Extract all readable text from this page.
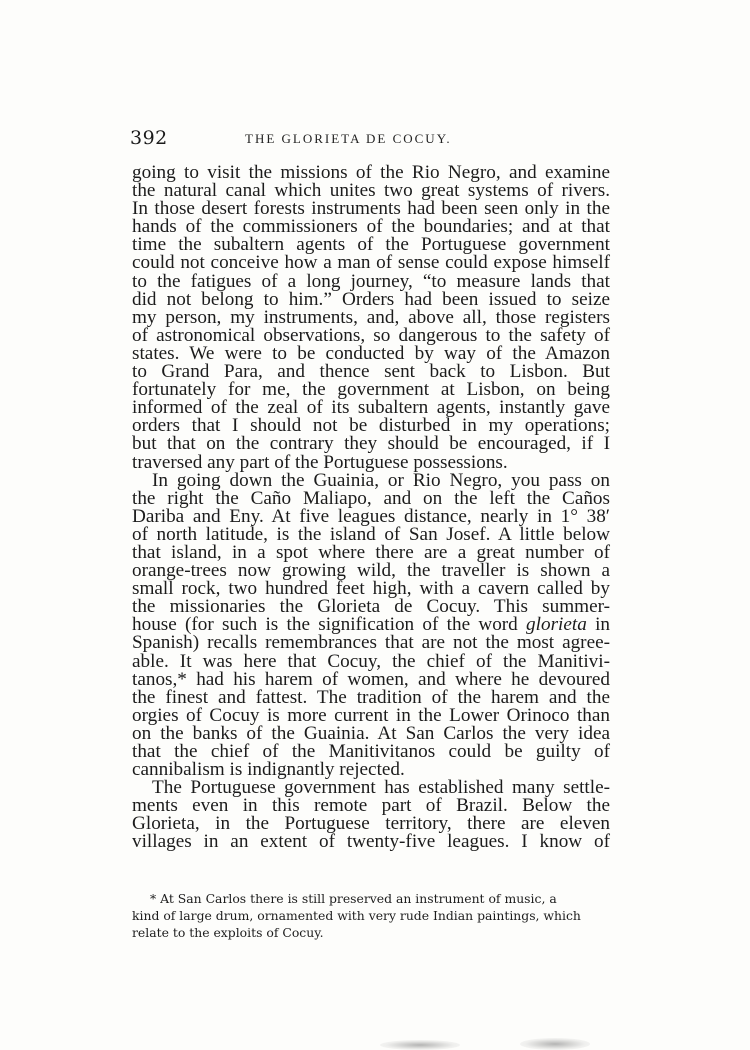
392	THE GLORIETA DE COCUY.

going to visit the missions of the Rio Negro, and examine

the natural canal which unites two great systems of rivers.

In those desert forests instruments had been seen only in the

hands of the commissioners of the boundaries; and at that

time the subaltern agents of the Portuguese government

could not conceive how a man of sense could expose himself

to the fatigues of a long journey, “to measure lands that

did not belong to him.” Orders had been issued to seize

my person, my instruments, and, above all, those registers

of astronomical observations, so dangerous to the safety of

states. We were to be conducted by way of the Amazon

to Grand Para, and thence sent back to Lisbon. But

fortunately for me, the government at Lisbon, on being

informed of the zeal of its subaltern agents, instantly gave

orders that I should not be disturbed in my operations;

but that on the contrary they should be encouraged, if I

traversed any part of the Portuguese possessions.

In going down the Guainia, or Rio Negro, you pass on

the right the Caño Maliapo, and on the left the Caños

Dariba and Eny. At five leagues distance, nearly in 1° 38′

of north latitude, is the island of San Josef. A little below

that island, in a spot where there are a great number of

orange-trees now growing wild, the traveller is shown a

small rock, two hundred feet high, with a cavern called by

the missionaries the Glorieta de Cocuy. This summer-

house (for such is the signification of the word glorieta in

Spanish) recalls remembrances that are not the most agree-

able. It was here that Cocuy, the chief of the Manitivi-

tanos,* had his harem of women, and where he devoured

the finest and fattest. The tradition of the harem and the

orgies of Cocuy is more current in the Lower Orinoco than

on the banks of the Guainia. At San Carlos the very idea

that the chief of the Manitivitanos could be guilty of

cannibalism is indignantly rejected.

The Portuguese government has established many settle-

ments even in this remote part of Brazil. Below the

Glorieta, in the Portuguese territory, there are eleven

villages in an extent of twenty-five leagues. I know of

* At San Carlos there is still preserved an instrument of music, a

kind of large drum, ornamented with very rude Indian paintings, which

relate to the exploits of Cocuy.
